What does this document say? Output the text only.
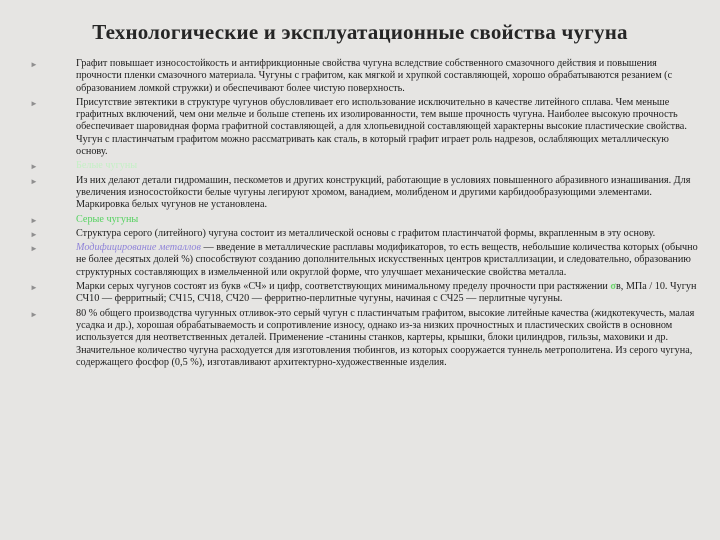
Технологические и эксплуатационные свойства чугуна
►	Графит повышает износостойкость и антифрикционные свойства чугуна вследствие собственного смазочного действия и повышения прочности пленки смазочного материала. Чугуны с графитом, как мягкой и хрупкой составляющей, хорошо обрабатываются резанием (с образованием ломкой стружки) и обеспечивают более чистую поверхность.
►	Присутствие эвтектики в структуре чугунов обусловливает его использование исключительно в качестве литейного сплава. Чем меньше графитных включений, чем они мельче и больше степень их изолированности, тем выше прочность чугуна. Наиболее высокую прочность обеспечивает шаровидная форма графитной составляющей, а для хлопьевидной составляющей характерны высокие пластические свойства. Чугун с пластинчатым графитом можно рассматривать как сталь, в который графит играет роль надрезов, ослабляющих металлическую основу.
►	Белые чугуны
►	Из них делают детали гидромашин, пескометов и других конструкций, работающие в условиях повышенного абразивного изнашивания. Для увеличения износостойкости белые чугуны легируют хромом, ванадием, молибденом и другими карбидообразующими элементами. Маркировка белых чугунов не установлена.
►	Серые чугуны
►	Структура серого (литейного) чугуна состоит из металлической основы с графитом пластинчатой формы, вкрапленным в эту основу.
►	Модифицирование металлов — введение в металлические расплавы модификаторов, то есть веществ, небольшие количества которых (обычно не более десятых долей %) способствуют созданию дополнительных искусственных центров кристаллизации, и следовательно, образованию структурных составляющих в измельченной или округлой форме, что улучшает механические свойства металла.
►	Марки серых чугунов состоят из букв «СЧ» и цифр, соответствующих минимальному пределу прочности при растяжении σв, МПа / 10. Чугун СЧ10 — ферритный; СЧ15, СЧ18, СЧ20 — ферритно-перлитные чугуны, начиная с СЧ25 — перлитные чугуны.
►	80 % общего производства чугунных отливок-это серый чугун с пластинчатым графитом, высокие литейные качества (жидкотекучесть, малая усадка и др.), хорошая обрабатываемость и сопротивление износу, однако из-за низких прочностных и пластических свойств в основном используется для неответственных деталей. Применение -станины станков, картеры, крышки, блоки цилиндров, гильзы, маховики и др. Значительное количество чугуна расходуется для изготовления тюбингов, из которых сооружается туннель метрополитена. Из серого чугуна, содержащего фосфор (0,5 %), изготавливают архитектурно-художественные изделия.
